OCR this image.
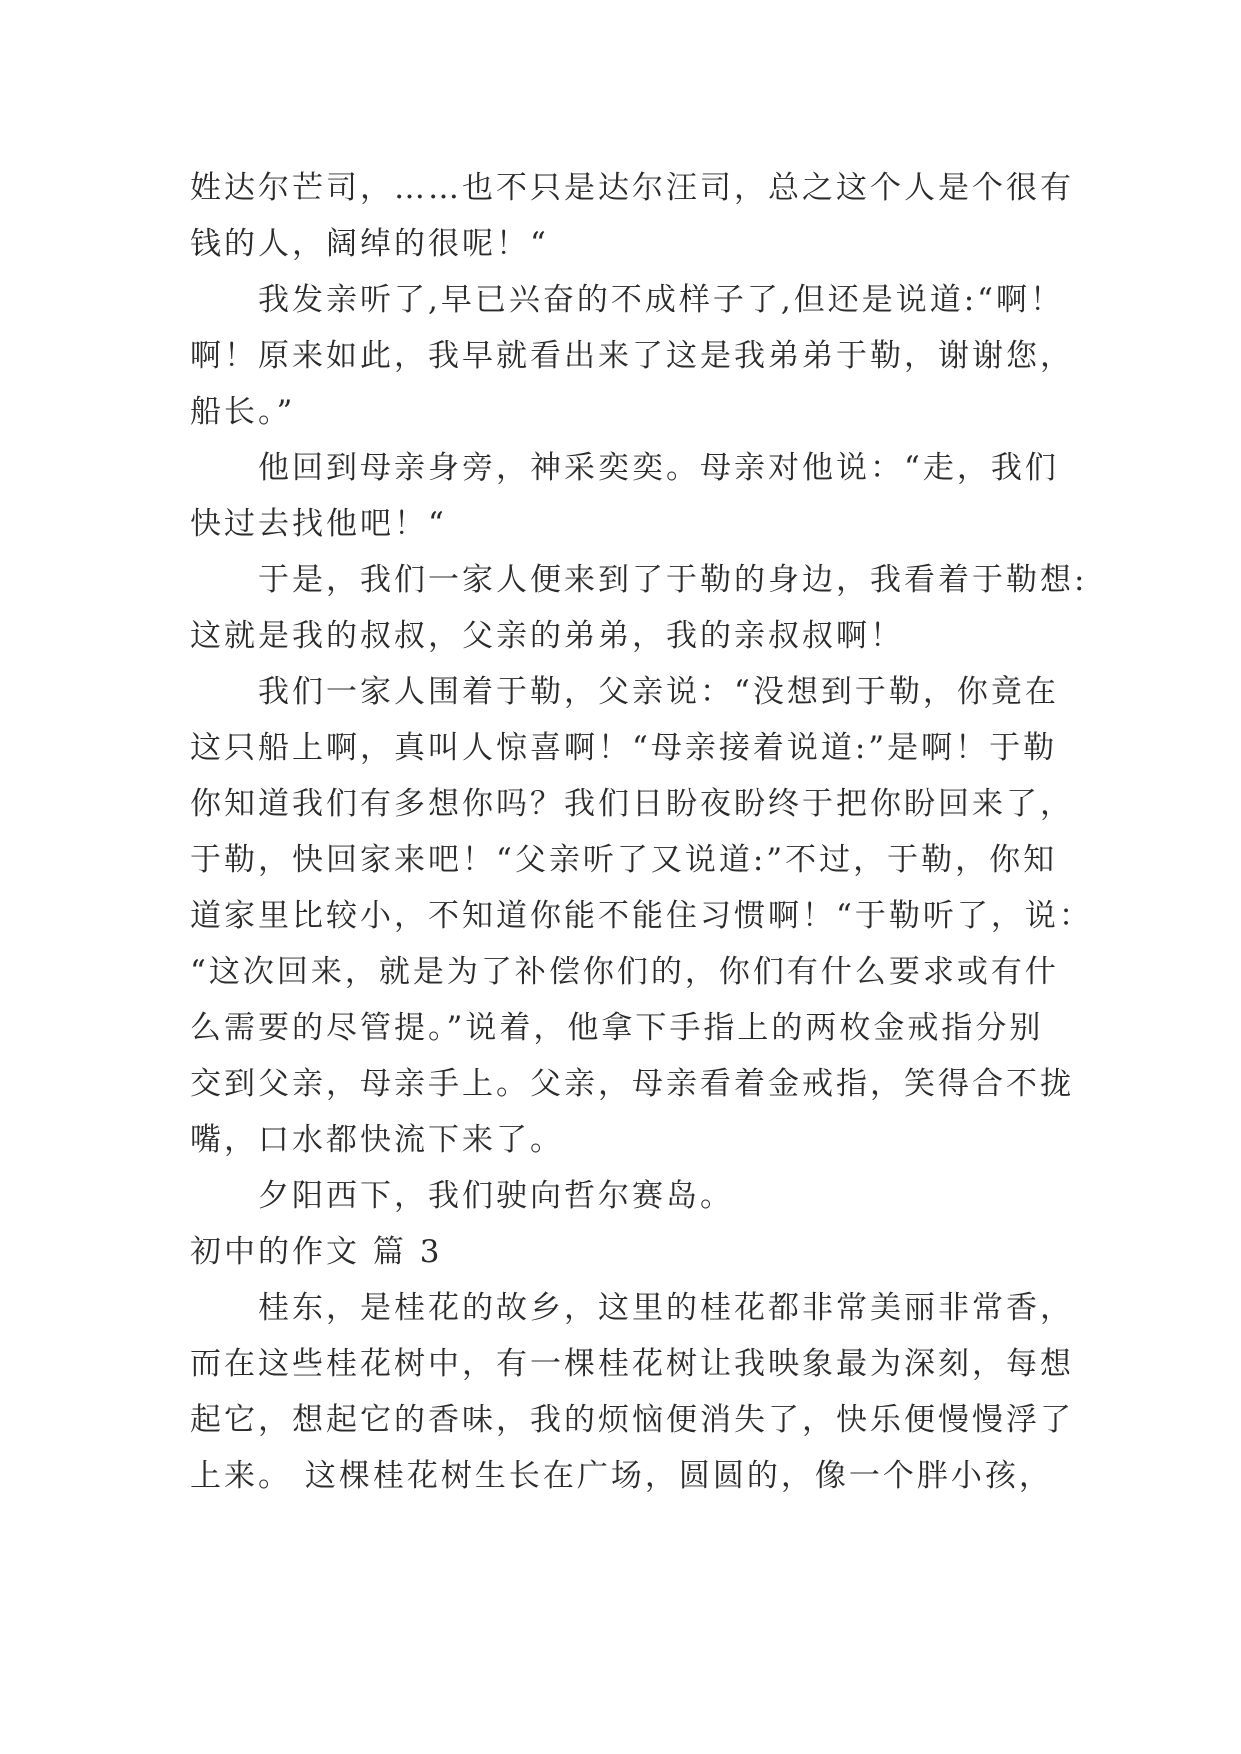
姓达尔芒司，……也不只是达尔汪司，总之这个人是个很有
钱的人，阔绰的很呢！“
我发亲听了,早已兴奋的不成样子了,但还是说道:“啊！
啊！原来如此，我早就看出来了这是我弟弟于勒，谢谢您，
船长。”
他回到母亲身旁，神采奕奕。母亲对他说：“走，我们
快过去找他吧！“
于是，我们一家人便来到了于勒的身边，我看着于勒想:
这就是我的叔叔，父亲的弟弟，我的亲叔叔啊！
我们一家人围着于勒，父亲说：“没想到于勒，你竟在
这只船上啊，真叫人惊喜啊！“母亲接着说道:”是啊！于勒
你知道我们有多想你吗？我们日盼夜盼终于把你盼回来了，
于勒，快回家来吧！“父亲听了又说道:”不过，于勒，你知
道家里比较小，不知道你能不能住习惯啊！“于勒听了，说：
“这次回来，就是为了补偿你们的，你们有什么要求或有什
么需要的尽管提。”说着，他拿下手指上的两枚金戒指分别
交到父亲，母亲手上。父亲，母亲看着金戒指，笑得合不拢
嘴，口水都快流下来了。
夕阳西下，我们驶向哲尔赛岛。
初中的作文 篇 3
桂东，是桂花的故乡，这里的桂花都非常美丽非常香，
而在这些桂花树中，有一棵桂花树让我映象最为深刻，每想
起它，想起它的香味，我的烦恼便消失了，快乐便慢慢浮了
上来。 这棵桂花树生长在广场，圆圆的，像一个胖小孩，
